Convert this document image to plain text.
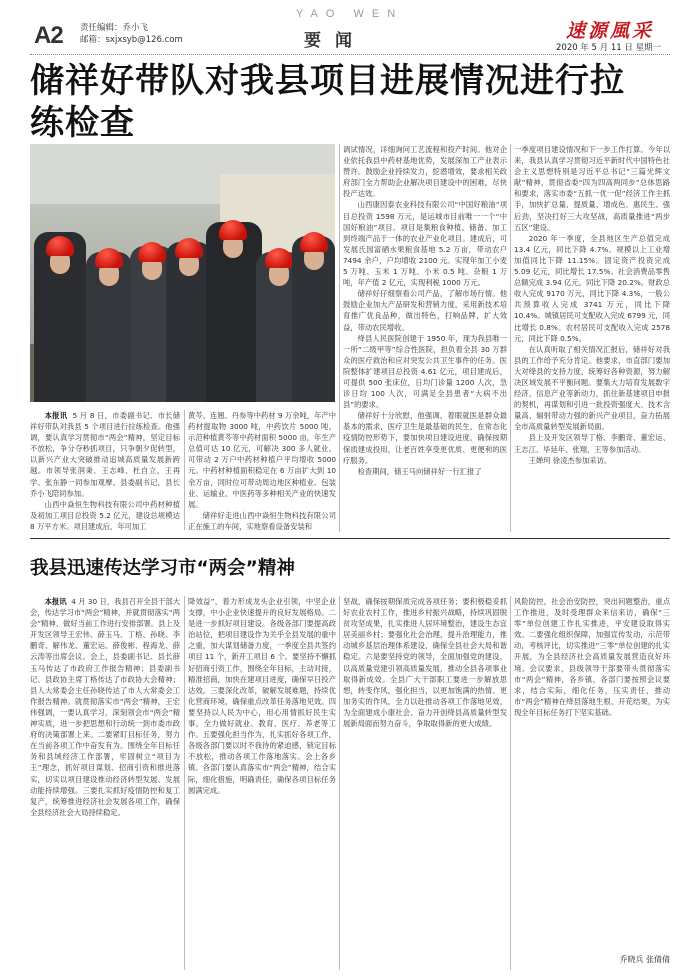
A2 责任编辑：乔小飞
邮箱：sxjxsyb@126.com
YAO WEN
要闻	速源風采
2020 年 5 月 11 日 星期一
储祥好带队对我县项目进展情况进行拉练检查

本报讯 5 月 8 日，市委副书记、市长储祥好带队对我县 5 个项目进行拉练检查。他强调，要认真学习贯彻市“两会”精神，坚定目标不放松，争分夺秒抓项目，只争朝夕促转型，以新兴产业大突破推动追城高质量发展新跨越。市领导张润秉、王志峰、杜自立，王再学、张东静一同参加观摩。县委副书记，县长乔小飞陪同参加。

山西中焱恒生物科技有限公司中药材种植及初加工项目总投资 5.2 亿元，建设总规模达 8 万平方米。项目建成后，年可加工

黄芩、连翘、丹参等中药材 9 万余吨，年产中药材提取物 3000 吨，中药饮片 5000 吨，示范种植黄芩等中药材面积 5000 亩，年生产总值可达 10 亿元，可解决 300 多人就业，可带动 2 万户中药材种植户平均增收 5000 元。中药材种植面积稳定在 6 万亩扩大到 10 余万亩，同时位可带动周边地区种植业、包装业、运输业、中医药等多种相关产业的快速发展。

储祥好走进山西中焱恒生物科技有限公司正在施工的车间，实地察看设备安装和

调试情况，详细询问工艺流程和投产时间。他对企业依托我县中药材基地优势，发展深加工产业表示赞许。鼓励企业持续发力，挖潜增效，要求相关政府部门全力帮助企业解决项目建设中的困难，尽快投产达效。

山西康因泰农业科技有限公司“中国好粮油”项目总投资 1598 万元，是运城市目前唯一一个“中国好粮油”项目。项目是集粮食种植、储备、加工到终端产品于一体的农业产业化项目。建成后，可发展氏园富硒水果粮食基地 5.2 万亩，带动农户 7494 余户，户均增收 2100 元。实现年加工小麦 5 万吨、玉米 1 万吨、小米 0.5 吨、杂粮 1 万吨，年产值 2 亿元，实现利税 1000 万元。

储祥好仔细察看公司产品，了解市场行情。他鼓励企业加大产品研发和营销力度，采用新技术培育推广优良品种，做出特色，打响品牌，扩大效益，带动农民增收。

绛县人民医院创建于 1950 年，现为我县唯一一所“二级甲等”综合性医院，担负着全县 30 万群众的医疗救治和应对突发公共卫生事件的任务。医院整体扩建项目总投资 4.61 亿元，项目建成后，可提供 500 张床位，日均门诊量 1200 人次，急诊日均 100 人次，可满足全县患者“大病不出县”的要求。

储祥好十分欣慰，他强调，着眼就医是群众最基本的需求，医疗卫生是最基础的民生，在常态化疫情防控形势下，要加快项目建设进度，确保按期保质建成投用，让老百姓享受更优质、更便利的医疗服务。

检查期间，储王马向储祥好一行汇报了

一季度项目建设情况和下一步工作打算。今年以来，我县认真学习贯彻习近平新时代中国特色社会主义思想特别是习近平总书记“三篇光辉文献”精神，贯彻省委“四为四高两同步”总体思路和要求，落实市委“五抓一优一促”经济工作主抓手，加快扩总量、提质量、增成色、惠民生、强后劲，坚决打好三大攻坚战，高质量推进“两步五区”建设。

2020 年一季度，全县地区生产总值完成 13.4 亿元，同比下降 4.7%。规模以上工业增加值同比下降 11.15%。固定资产投资完成 5.09 亿元，同比增长 17.5%。社会消费品零售总额完成 3.94 亿元，同比下降 20.2%。财政总收入完成 9170 万元，同比下降 4.3%，一般公共预算收入完成 3741 万元，同比下降 10.4%。城镇居民可支配收入完成 6799 元，同比增长 0.8%。农村居民可支配收入完成 2578 元，同比下降 0.5%。

在认真听取了相关情况汇报后，储祥好对我县的工作给予充分肯定。他要求，市直部门要加大对绛县的支持力度，统筹好各种资源，努力解决区域发展不平衡问题。要集大力培育发展数字经济，信息产业等新动力，抓住新基建项目申报的契机，再谋划和引进一批投资强度大、技术含量高、辐射带动力强的新兴产业项目，奋力拓展全市高质量转型发展新局面。

县上及开发区领导丁格、李鹏奇、董宏运、王志江、毕延年、张翔，王等参加活动。

王婵珂 徐凌杰参加采访。

我县迅速传达学习市“两会”精神

本报讯 4 月 30 日，我县召开全县干部大会，传达学习市“两会”精神，并就贯彻落实“两会”精神、做好当前工作进行安排部署。县上及开发区领导王宏伟、薛玉马、丁格、孙晓、李鹏奇、解伟龙、董宏运、薛俊彬、程海龙、薛云涛等出席会议。会上，县委副书记、县长薛玉马传达了市政府工作报告精神；县委副书记、县政协主席丁格传达了市政协大会精神；县人大常委会主任孙晓传达了市人大常委会工作报告精神。就贯彻落实市“两会”精神，王宏伟强调，一要认真学习，深刻领会市“两会”精神实质，进一步把思想和行动统一到市委市政府的决策部署上来。二要紧盯目标任务，努力在当前各项工作中奋发有为。围绕全年目标任务和县域经济工作部署，牢固树立“项目为王”理念，抓好项目谋划、招商引资和推进落实，切实以项目建设推动经济转型发展、发展动能持续增强。三要扎实抓好疫情防控和复工复产，统筹推进经济社会发展各项工作，确保全县经济社会大局持续稳定。

降效益”，着力形成龙头企业引领，中坚企业支撑，中小企业快速提升的良好发展格局。二是进一步抓好项目建设。各级各部门要提高政治站位，把项目建设作为关乎全县发展的重中之重，加大谋划储备力度，一季度全县共签约项目 11 个，新开工项目 6 个。要坚持不懈抓好招商引资工作，围绕全年目标，主动对接，精准招商，加快在建项目进度，确保早日投产达效。三要深化改革，破解发展难题，持续优化营商环境，确保重点改革任务落地见效。四要坚持以人民为中心，用心用情抓好民生实事，全力做好就业、教育、医疗、养老等工作。五要强化担当作为，扎实抓好各项工作，各级各部门要以时不我待的紧迫感，锁定目标不放松，推动各项工作落地落实。会上各乡镇、各部门要认真落实市“两会”精神，结合实际，细化措施，明确责任，确保各项目标任务圆满完成。

坚战，确保按期保质完成各项任务；要积极稳妥抓好农业农村工作，推进乡村振兴战略，持续巩固脱贫攻坚成果，扎实推进人居环境整治，建设生态宜居美丽乡村；要强化社会治理，提升治理能力，推动城乡基层治理体系建设，确保全县社会大局和谐稳定。六是要坚持党的领导，全面加强党的建设，以高质量党建引领高质量发展，推动全县各项事业取得新成效。全县广大干部职工要进一步解放思想，转变作风，强化担当，以更加饱满的热情、更加务实的作风，全力以赴推动各项工作落地见效，为全面建成小康社会、奋力开创绛县高质量转型发展新局面而努力奋斗，争取取得新的更大成绩。

风险防控，社会治安防控，突出问题整治，重点工作推进，及时受理群众来信来访，确保“三零”单位创建工作扎实推进，平安建设取得实效。二要强化组织保障，加强宣传发动，示范带动，考核评比，切实推进“三零”单位创建的扎实开展，为全县经济社会高质量发展营造良好环境。会议要求，县级领导干部要带头贯彻落实市“两会”精神，各乡镇、各部门要按照会议要求，结合实际，细化任务，压实责任，推动市“两会”精神在绛县落地生根、开花结果，为实现全年目标任务打下坚实基础。

乔晓兵 张倩倩
